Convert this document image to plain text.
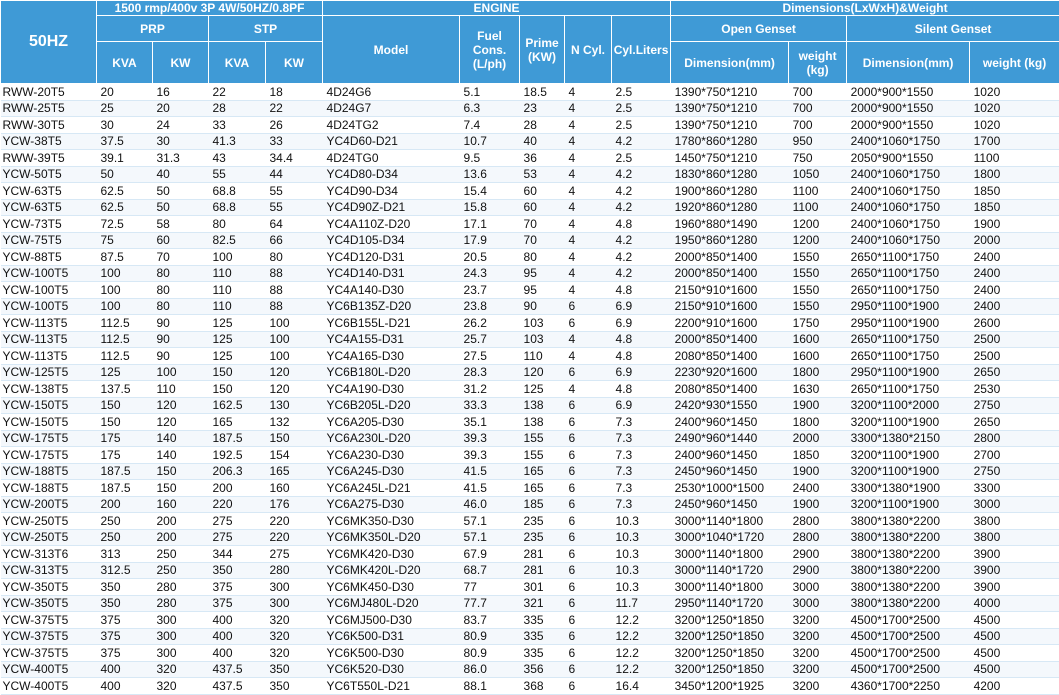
50HZ	1500 rmp/400v 3P 4W/50HZ/0.8PF				ENGINE					Dimensions(LxWxH)&Weight			
	PRP		STP		Model	Fuel Cons. (L/ph)	Prime (KW)	N Cyl.	Cyl.Liters	Open Genset		Silent Genset	
	KVA	KW	KVA	KW						Dimension(mm)	weight (kg)	Dimension(mm)	weight (kg)
RWW-20T5	20	16	22	18	4D24G6	5.1	18.5	4	2.5	1390*750*1210	700	2000*900*1550	1020
RWW-25T5	25	20	28	22	4D24G7	6.3	23	4	2.5	1390*750*1210	700	2000*900*1550	1020
RWW-30T5	30	24	33	26	4D24TG2	7.4	28	4	2.5	1390*750*1210	700	2000*900*1550	1020
YCW-38T5	37.5	30	41.3	33	YC4D60-D21	10.7	40	4	4.2	1780*860*1280	950	2400*1060*1750	1700
RWW-39T5	39.1	31.3	43	34.4	4D24TG0	9.5	36	4	2.5	1450*750*1210	750	2050*900*1550	1100
YCW-50T5	50	40	55	44	YC4D80-D34	13.6	53	4	4.2	1830*860*1280	1050	2400*1060*1750	1800
YCW-63T5	62.5	50	68.8	55	YC4D90-D34	15.4	60	4	4.2	1900*860*1280	1100	2400*1060*1750	1850
YCW-63T5	62.5	50	68.8	55	YC4D90Z-D21	15.8	60	4	4.2	1920*860*1280	1100	2400*1060*1750	1850
YCW-73T5	72.5	58	80	64	YC4A110Z-D20	17.1	70	4	4.8	1960*880*1490	1200	2400*1060*1750	1900
YCW-75T5	75	60	82.5	66	YC4D105-D34	17.9	70	4	4.2	1950*860*1280	1200	2400*1060*1750	2000
YCW-88T5	87.5	70	100	80	YC4D120-D31	20.5	80	4	4.2	2000*850*1400	1550	2650*1100*1750	2400
YCW-100T5	100	80	110	88	YC4D140-D31	24.3	95	4	4.2	2000*850*1400	1550	2650*1100*1750	2400
YCW-100T5	100	80	110	88	YC4A140-D30	23.7	95	4	4.8	2150*910*1600	1550	2650*1100*1750	2400
YCW-100T5	100	80	110	88	YC6B135Z-D20	23.8	90	6	6.9	2150*910*1600	1550	2950*1100*1900	2400
YCW-113T5	112.5	90	125	100	YC6B155L-D21	26.2	103	6	6.9	2200*910*1600	1750	2950*1100*1900	2600
YCW-113T5	112.5	90	125	100	YC4A155-D31	25.7	103	4	4.8	2000*850*1400	1600	2650*1100*1750	2500
YCW-113T5	112.5	90	125	100	YC4A165-D30	27.5	110	4	4.8	2080*850*1400	1600	2650*1100*1750	2500
YCW-125T5	125	100	150	120	YC6B180L-D20	28.3	120	6	6.9	2230*920*1600	1800	2950*1100*1900	2650
YCW-138T5	137.5	110	150	120	YC4A190-D30	31.2	125	4	4.8	2080*850*1400	1630	2650*1100*1750	2530
YCW-150T5	150	120	162.5	130	YC6B205L-D20	33.3	138	6	6.9	2420*930*1550	1900	3200*1100*2000	2750
YCW-150T5	150	120	165	132	YC6A205-D30	35.1	138	6	7.3	2400*960*1450	1800	3200*1100*1900	2650
YCW-175T5	175	140	187.5	150	YC6A230L-D20	39.3	155	6	7.3	2490*960*1440	2000	3300*1380*2150	2800
YCW-175T5	175	140	192.5	154	YC6A230-D30	39.3	155	6	7.3	2400*960*1450	1850	3200*1100*1900	2700
YCW-188T5	187.5	150	206.3	165	YC6A245-D30	41.5	165	6	7.3	2450*960*1450	1900	3200*1100*1900	2750
YCW-188T5	187.5	150	200	160	YC6A245L-D21	41.5	165	6	7.3	2530*1000*1500	2400	3300*1380*1900	3300
YCW-200T5	200	160	220	176	YC6A275-D30	46.0	185	6	7.3	2450*960*1450	1900	3200*1100*1900	3000
YCW-250T5	250	200	275	220	YC6MK350-D30	57.1	235	6	10.3	3000*1140*1800	2800	3800*1380*2200	3800
YCW-250T5	250	200	275	220	YC6MK350L-D20	57.1	235	6	10.3	3000*1040*1720	2800	3800*1380*2200	3800
YCW-313T6	313	250	344	275	YC6MK420-D30	67.9	281	6	10.3	3000*1140*1800	2900	3800*1380*2200	3900
YCW-313T5	312.5	250	350	280	YC6MK420L-D20	68.7	281	6	10.3	3000*1140*1720	2900	3800*1380*2200	3900
YCW-350T5	350	280	375	300	YC6MK450-D30	77	301	6	10.3	3000*1140*1800	3000	3800*1380*2200	3900
YCW-350T5	350	280	375	300	YC6MJ480L-D20	77.7	321	6	11.7	2950*1140*1720	3000	3800*1380*2200	4000
YCW-375T5	375	300	400	320	YC6MJ500-D30	83.7	335	6	12.2	3200*1250*1850	3200	4500*1700*2500	4500
YCW-375T5	375	300	400	320	YC6K500-D31	80.9	335	6	12.2	3200*1250*1850	3200	4500*1700*2500	4500
YCW-375T5	375	300	400	320	YC6K500-D30	80.9	335	6	12.2	3200*1250*1850	3200	4500*1700*2500	4500
YCW-400T5	400	320	437.5	350	YC6K520-D30	86.0	356	6	12.2	3200*1250*1850	3200	4500*1700*2500	4500
YCW-400T5	400	320	437.5	350	YC6T550L-D21	88.1	368	6	16.4	3450*1200*1925	3200	4360*1700*2250	4200
